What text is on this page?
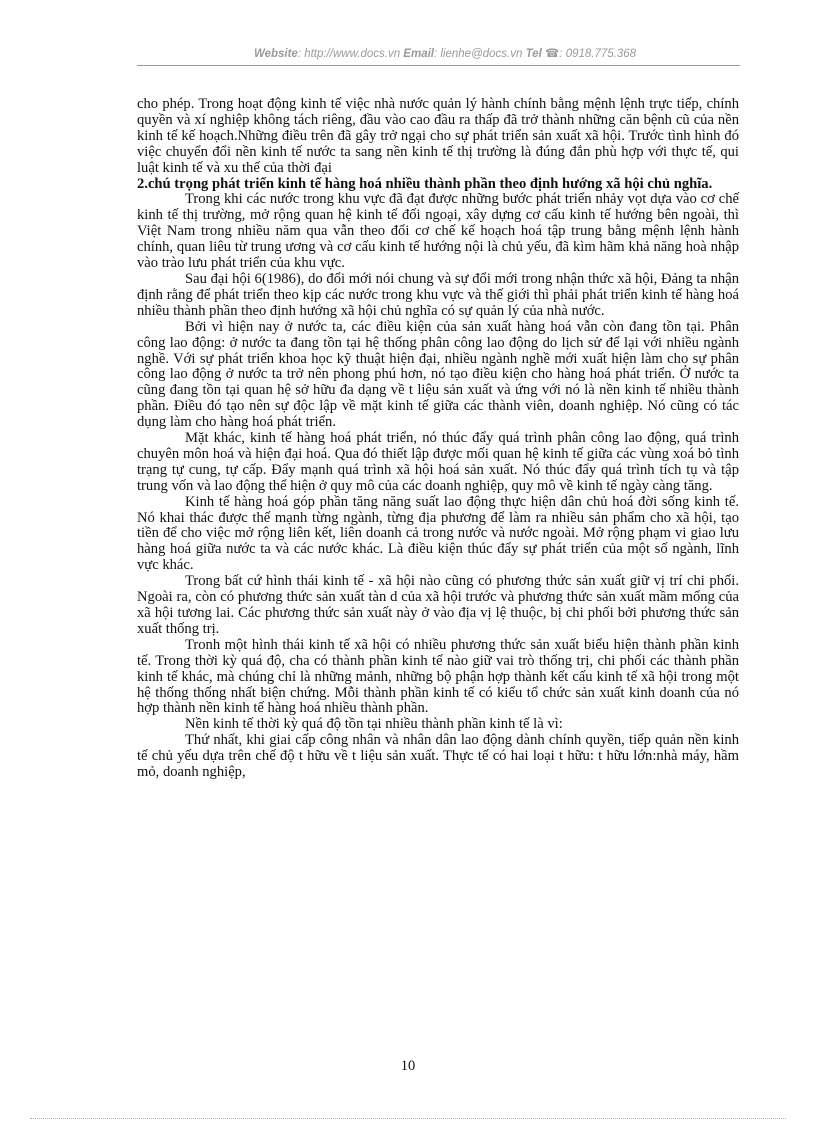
Website: http://www.docs.vn Email: lienhe@docs.vn Tel ☎: 0918.775.368

cho phép. Trong hoạt động kinh tế việc nhà nước quản lý hành chính bằng mệnh lệnh trực tiếp, chính quyền và xí nghiệp không tách riêng, đầu vào cao đầu ra thấp đã trở thành những căn bệnh cũ của nền kinh tế kế hoạch.Những điều trên đã gây trở ngại cho sự phát triển sản xuất xã hội. Trước tình hình đó việc chuyển đổi nền kinh tế nước ta sang nền kinh tế thị trường là đúng đắn phù hợp với thực tế, qui luật kinh tế và xu thế của thời đại

2.chú trọng phát triển kinh tế hàng hoá nhiều thành phần theo định hướng xã hội chủ nghĩa.

Trong khi các nước trong khu vực đã đạt được những bước phát triển nhảy vọt dựa vào cơ chế kinh tế thị trường, mở rộng quan hệ kinh tế đối ngoại, xây dựng cơ cấu kinh tế hướng bên ngoài, thì Việt Nam trong nhiều năm qua vẫn theo đổi cơ chế kế hoạch hoá tập trung bằng mệnh lệnh hành chính, quan liêu từ trung ương và cơ cấu kinh tế hướng nội là chủ yếu, đã kìm hãm khả năng hoà nhập vào trào lưu phát triển của khu vực.

Sau đại hội 6(1986), do đổi mới nói chung và sự đổi mới trong nhận thức xã hội, Đảng ta nhận định rằng để phát triển theo kịp các nước trong khu vực và thế giới thì phải phát triển kinh tế hàng hoá nhiều thành phần theo định hướng xã hội chủ nghĩa có sự quản lý của nhà nước.

Bởi vì hiện nay ở nước ta, các điều kiện của sản xuất hàng hoá vẫn còn đang tồn tại. Phân công lao động: ở nước ta đang tồn tại hệ thống phân công lao động do lịch sử để lại với nhiều ngành nghề. Với sự phát triển khoa học kỹ thuật hiện đại, nhiều ngành nghề mới xuất hiện làm cho sự phân công lao động ở nước ta trở nên phong phú hơn, nó tạo điều kiện cho hàng hoá phát triển. Ở nước ta cũng đang tồn tại quan hệ sở hữu đa dạng về t liệu sản xuất và ứng với nó là nền kinh tế nhiều thành phần. Điều đó tạo nên sự độc lập về mặt kinh tế giữa các thành viên, doanh nghiệp. Nó cũng có tác dụng làm cho hàng hoá phát triển.

Mặt khác, kinh tế hàng hoá phát triển, nó thúc đẩy quá trình phân công lao động, quá trình chuyên môn hoá và hiện đại hoá. Qua đó thiết lập được mối quan hệ kinh tế giữa các vùng xoá bỏ tình trạng tự cung, tự cấp. Đẩy mạnh quá trình xã hội hoá sản xuất. Nó thúc đẩy quá trình tích tụ và tập trung vốn và lao động thể hiện ở quy mô của các doanh nghiệp, quy mô về kinh tế ngày càng tăng.

Kinh tế hàng hoá góp phần tăng năng suất lao động thực hiện dân chủ hoá đời sống kinh tế. Nó khai thác được thế mạnh từng ngành, từng địa phương để làm ra nhiều sản phẩm cho xã hội, tạo tiền để cho việc mở rộng liên kết, liên doanh cả trong nước và nước ngoài. Mở rộng phạm vi giao lưu hàng hoá giữa nước ta và các nước khác. Là điều kiện thúc đẩy sự phát triển của một số ngành, lĩnh vực khác.

Trong bất cứ hình thái kinh tế - xã hội nào cũng có phương thức sản xuất giữ vị trí chi phối. Ngoài ra, còn có phương thức sản xuất tàn d của xã hội trước và phương thức sản xuất mầm mống của xã hội tương lai. Các phương thức sản xuất này ở vào địa vị lệ thuộc, bị chi phối bởi phương thức sản xuất thống trị.

Tronh một hình thái kinh tế xã hội có nhiều phương thức sản xuất biểu hiện thành phần kinh tế. Trong thời kỳ quá độ, cha có thành phần kinh tế nào giữ vai trò thống trị, chi phối các thành phần kinh tế khác, mà chúng chỉ là những mảnh, những bộ phận hợp thành kết cấu kinh tế xã hội trong một hệ thống thống nhất biện chứng. Mỗi thành phần kinh tế có kiểu tổ chức sản xuất kinh doanh của nó hợp thành nền kinh tế hàng hoá nhiều thành phần.

Nền kinh tế thời kỳ quá độ tồn tại nhiều thành phần kinh tế là vì:

Thứ nhất, khi giai cấp công nhân và nhân dân lao động dành chính quyền, tiếp quản nền kinh tế chủ yếu dựa trên chế độ t hữu về t liệu sản xuất. Thực tế có hai loại t hữu: t hữu lớn:nhà máy, hầm mỏ, doanh nghiệp,

10
